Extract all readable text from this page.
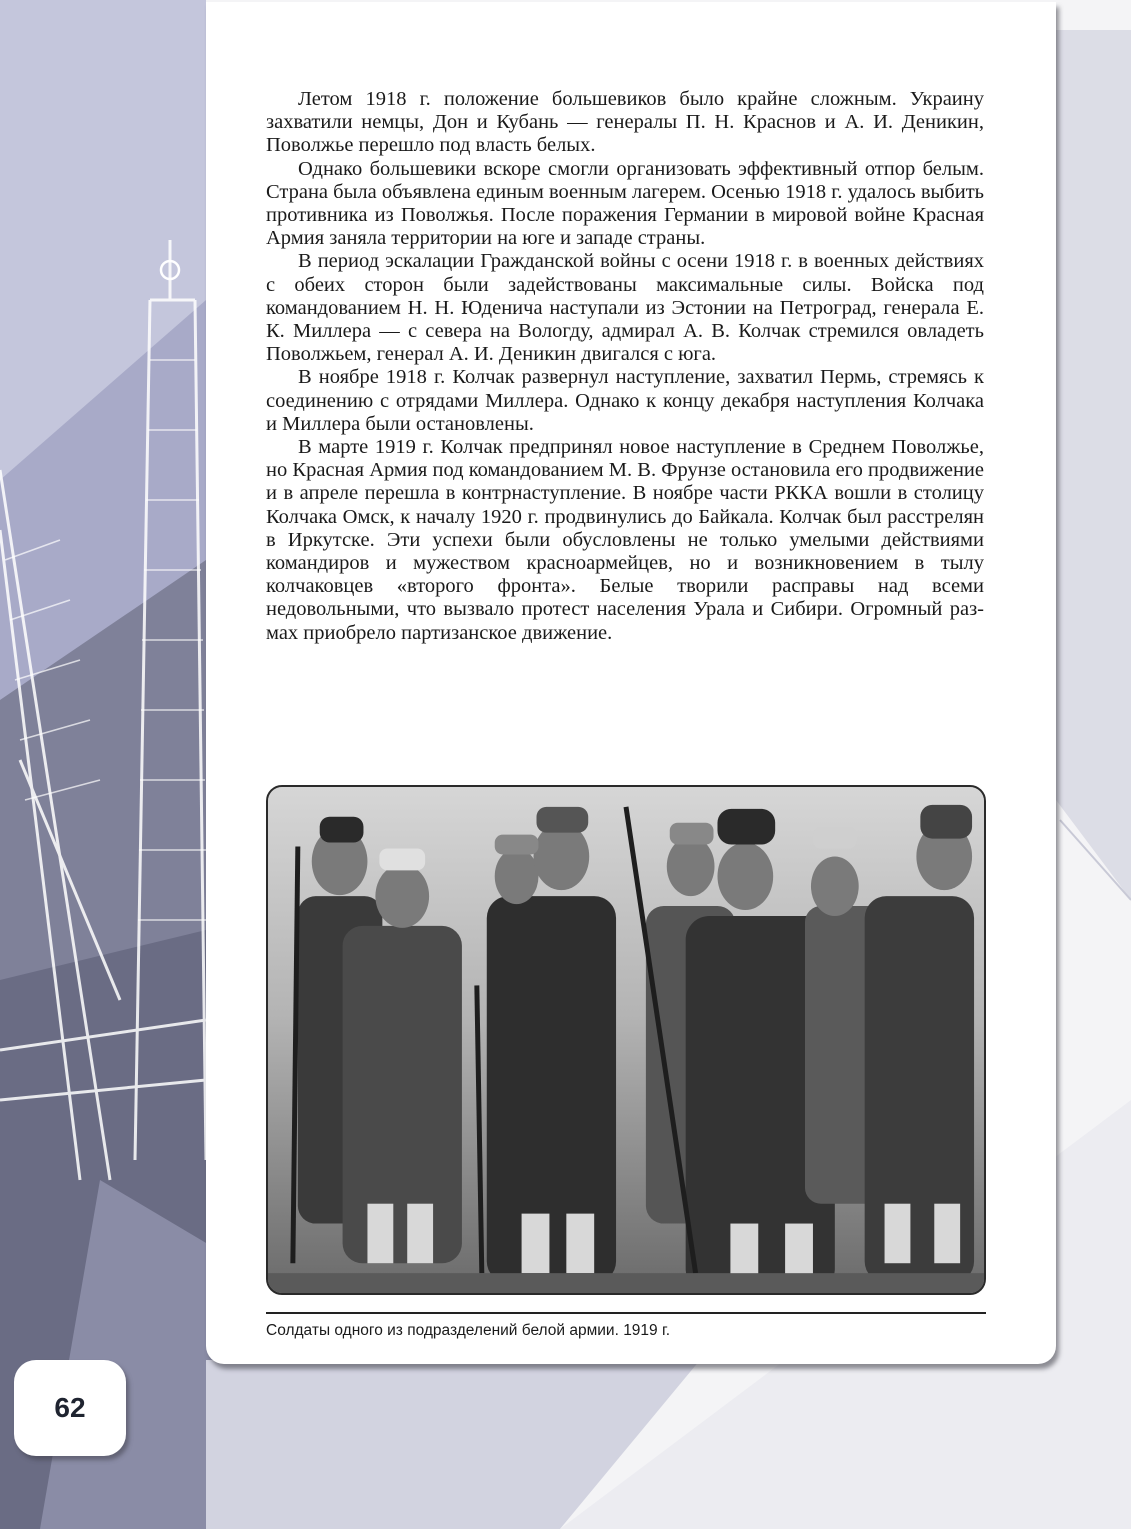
Летом 1918 г. положение большевиков было крайне сложным. Украину захватили немцы, Дон и Кубань — генералы П. Н. Краснов и А. И. Деникин, Поволжье перешло под власть белых.

Однако большевики вскоре смогли организовать эффективный отпор белым. Страна была объявлена единым военным лагерем. Осенью 1918 г. удалось выбить противника из Поволжья. После поражения Германии в мировой войне Красная Армия заняла территории на юге и западе страны.

В период эскалации Гражданской войны с осени 1918 г. в военных действиях с обеих сторон были задействованы максимальные силы. Войска под командованием Н. Н. Юденича наступали из Эстонии на Петроград, генерала Е. К. Миллера — с севера на Вологду, адмирал А. В. Колчак стремился овладеть Поволжьем, генерал А. И. Деникин двигался с юга.

В ноябре 1918 г. Колчак развернул наступление, захватил Пермь, стремясь к соединению с отрядами Миллера. Однако к концу декабря наступления Колчака и Миллера были остановлены.

В марте 1919 г. Колчак предпринял новое наступление в Среднем Поволжье, но Красная Армия под командованием М. В. Фрунзе остановила его продвижение и в апреле перешла в контрнаступление. В ноябре части РККА вошли в столицу Колчака Омск, к началу 1920 г. продвинулись до Байкала. Колчак был расстрелян в Иркутске. Эти успехи были обусловлены не только умелыми действиями командиров и мужеством красноармейцев, но и возникновением в тылу колчаковцев «второго фронта». Белые творили расправы над всеми недовольными, что вызвало протест населения Урала и Сибири. Огромный размах приобрело партизанское движение.

Солдаты одного из подразделений белой армии. 1919 г.
62
